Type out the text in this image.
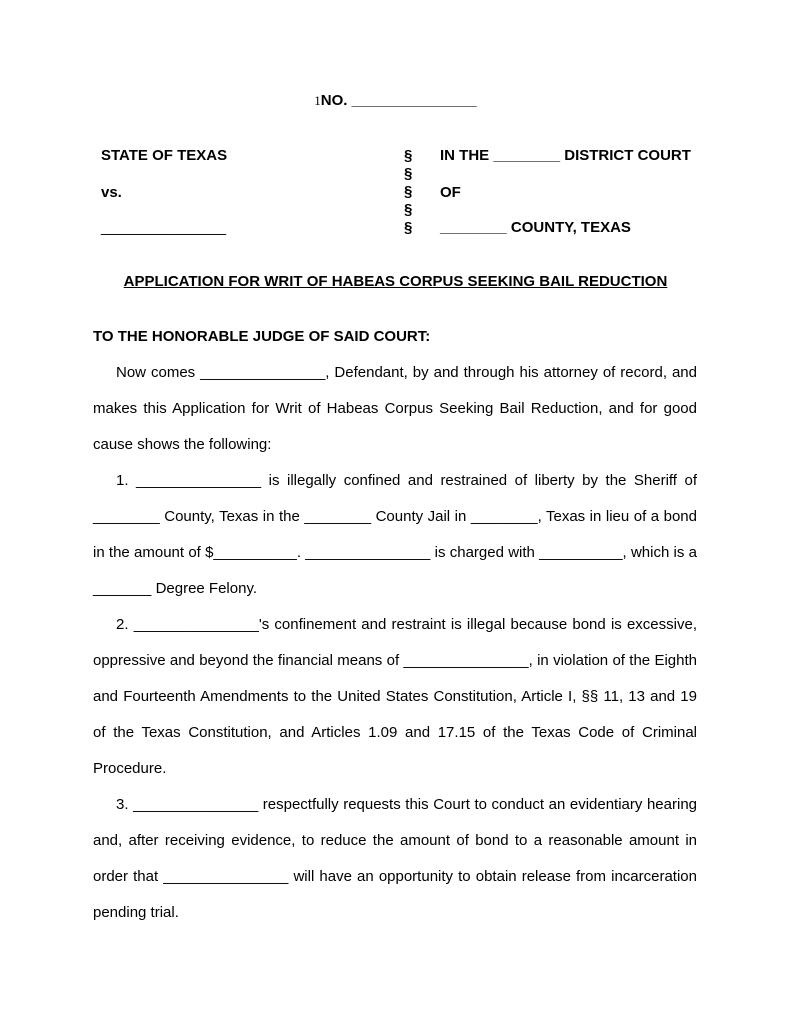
1NO. _______________
STATE OF TEXAS
vs.
_______________
§
§
§
§
§
IN THE ________ DISTRICT COURT
OF
________ COUNTY, TEXAS
APPLICATION FOR WRIT OF HABEAS CORPUS SEEKING BAIL REDUCTION
TO THE HONORABLE JUDGE OF SAID COURT:

Now comes _______________, Defendant, by and through his attorney of record, and makes this Application for Writ of Habeas Corpus Seeking Bail Reduction, and for good cause shows the following:

1. _______________ is illegally confined and restrained of liberty by the Sheriff of ________ County, Texas in the ________ County Jail in ________, Texas in lieu of a bond in the amount of $__________. _______________ is charged with __________, which is a _______ Degree Felony.

2. _______________'s confinement and restraint is illegal because bond is excessive, oppressive and beyond the financial means of _______________, in violation of the Eighth and Fourteenth Amendments to the United States Constitution, Article I, §§ 11, 13 and 19 of the Texas Constitution, and Articles 1.09 and 17.15 of the Texas Code of Criminal Procedure.

3. _______________ respectfully requests this Court to conduct an evidentiary hearing and, after receiving evidence, to reduce the amount of bond to a reasonable amount in order that _______________ will have an opportunity to obtain release from incarceration pending trial.
